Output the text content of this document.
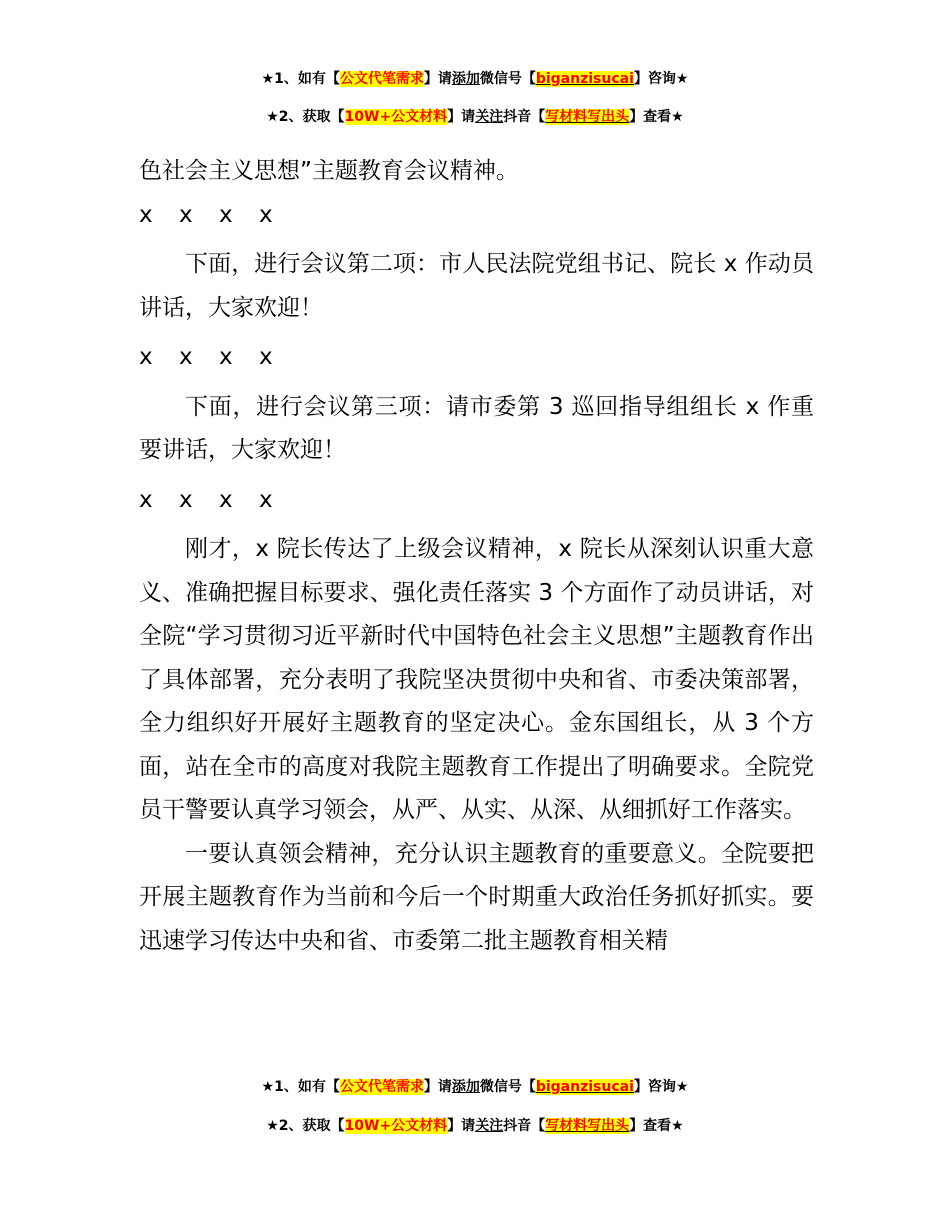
★1、如有【公文代笔需求】请添加微信号【biganzisucai】咨询★
★2、获取【10W+公文材料】请关注抖音【写材料写出头】查看★

色社会主义思想”主题教育会议精神。

x x x x

下面，进行会议第二项：市人民法院党组书记、院长 x 作动员讲话，大家欢迎！

x x x x

下面，进行会议第三项：请市委第 3 巡回指导组组长 x 作重要讲话，大家欢迎！

x x x x

刚才，x 院长传达了上级会议精神，x 院长从深刻认识重大意义、准确把握目标要求、强化责任落实 3 个方面作了动员讲话，对全院“学习贯彻习近平新时代中国特色社会主义思想”主题教育作出了具体部署，充分表明了我院坚决贯彻中央和省、市委决策部署，全力组织好开展好主题教育的坚定决心。金东国组长，从 3 个方面，站在全市的高度对我院主题教育工作提出了明确要求。全院党员干警要认真学习领会，从严、从实、从深、从细抓好工作落实。

一要认真领会精神，充分认识主题教育的重要意义。全院要把开展主题教育作为当前和今后一个时期重大政治任务抓好抓实。要迅速学习传达中央和省、市委第二批主题教育相关精

★1、如有【公文代笔需求】请添加微信号【biganzisucai】咨询★
★2、获取【10W+公文材料】请关注抖音【写材料写出头】查看★
